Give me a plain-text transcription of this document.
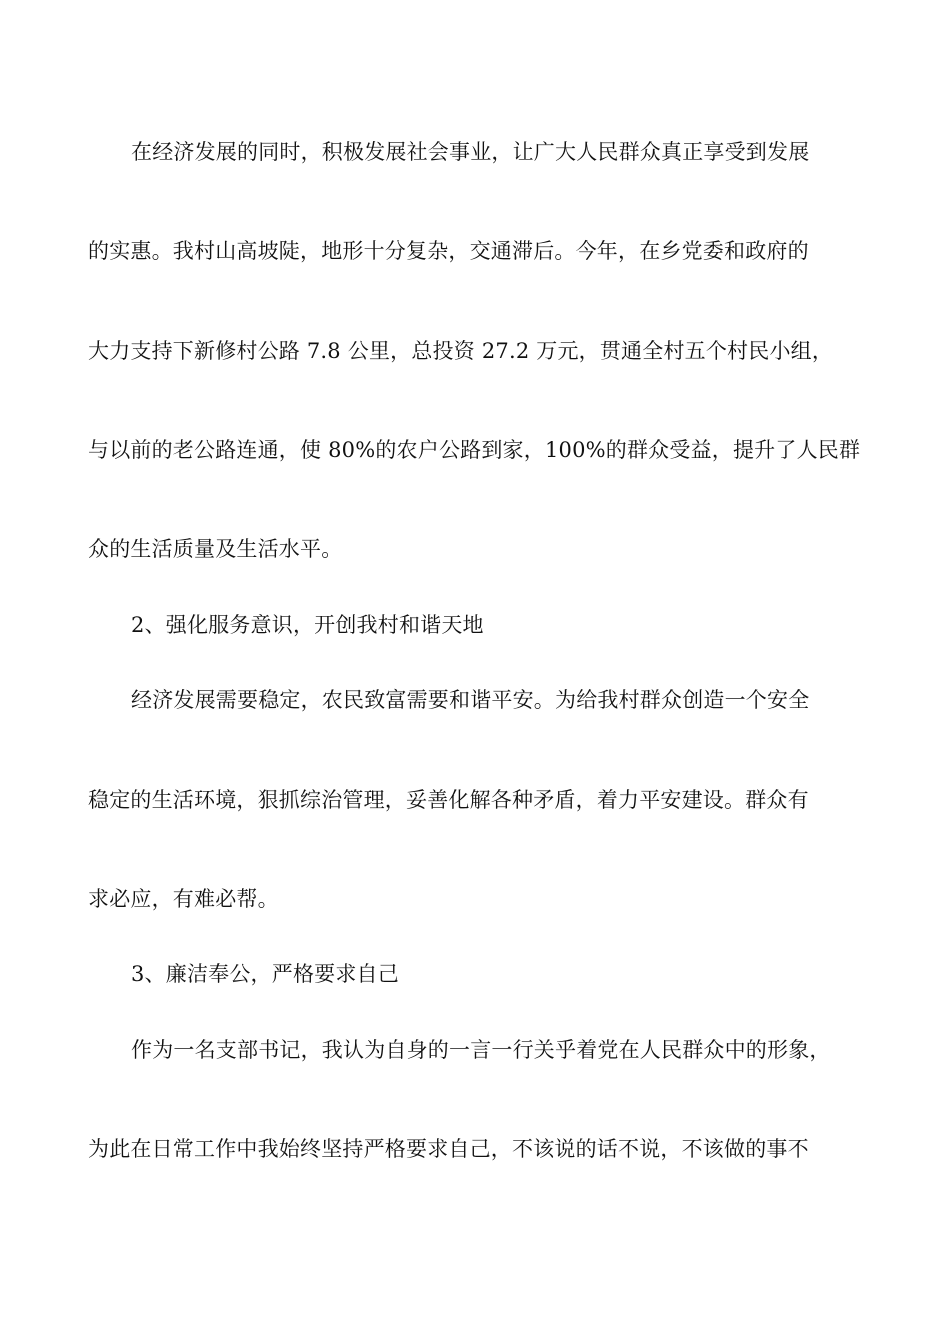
在经济发展的同时，积极发展社会事业，让广大人民群众真正享受到发展
的实惠。我村山高坡陡，地形十分复杂，交通滞后。今年，在乡党委和政府的
大力支持下新修村公路 7.8 公里，总投资 27.2 万元，贯通全村五个村民小组，
与以前的老公路连通，使 80%的农户公路到家，100%的群众受益，提升了人民群
众的生活质量及生活水平。
2、强化服务意识，开创我村和谐天地
经济发展需要稳定，农民致富需要和谐平安。为给我村群众创造一个安全
稳定的生活环境，狠抓综治管理，妥善化解各种矛盾，着力平安建设。群众有
求必应，有难必帮。
3、廉洁奉公，严格要求自己
作为一名支部书记，我认为自身的一言一行关乎着党在人民群众中的形象，
为此在日常工作中我始终坚持严格要求自己，不该说的话不说，不该做的事不
